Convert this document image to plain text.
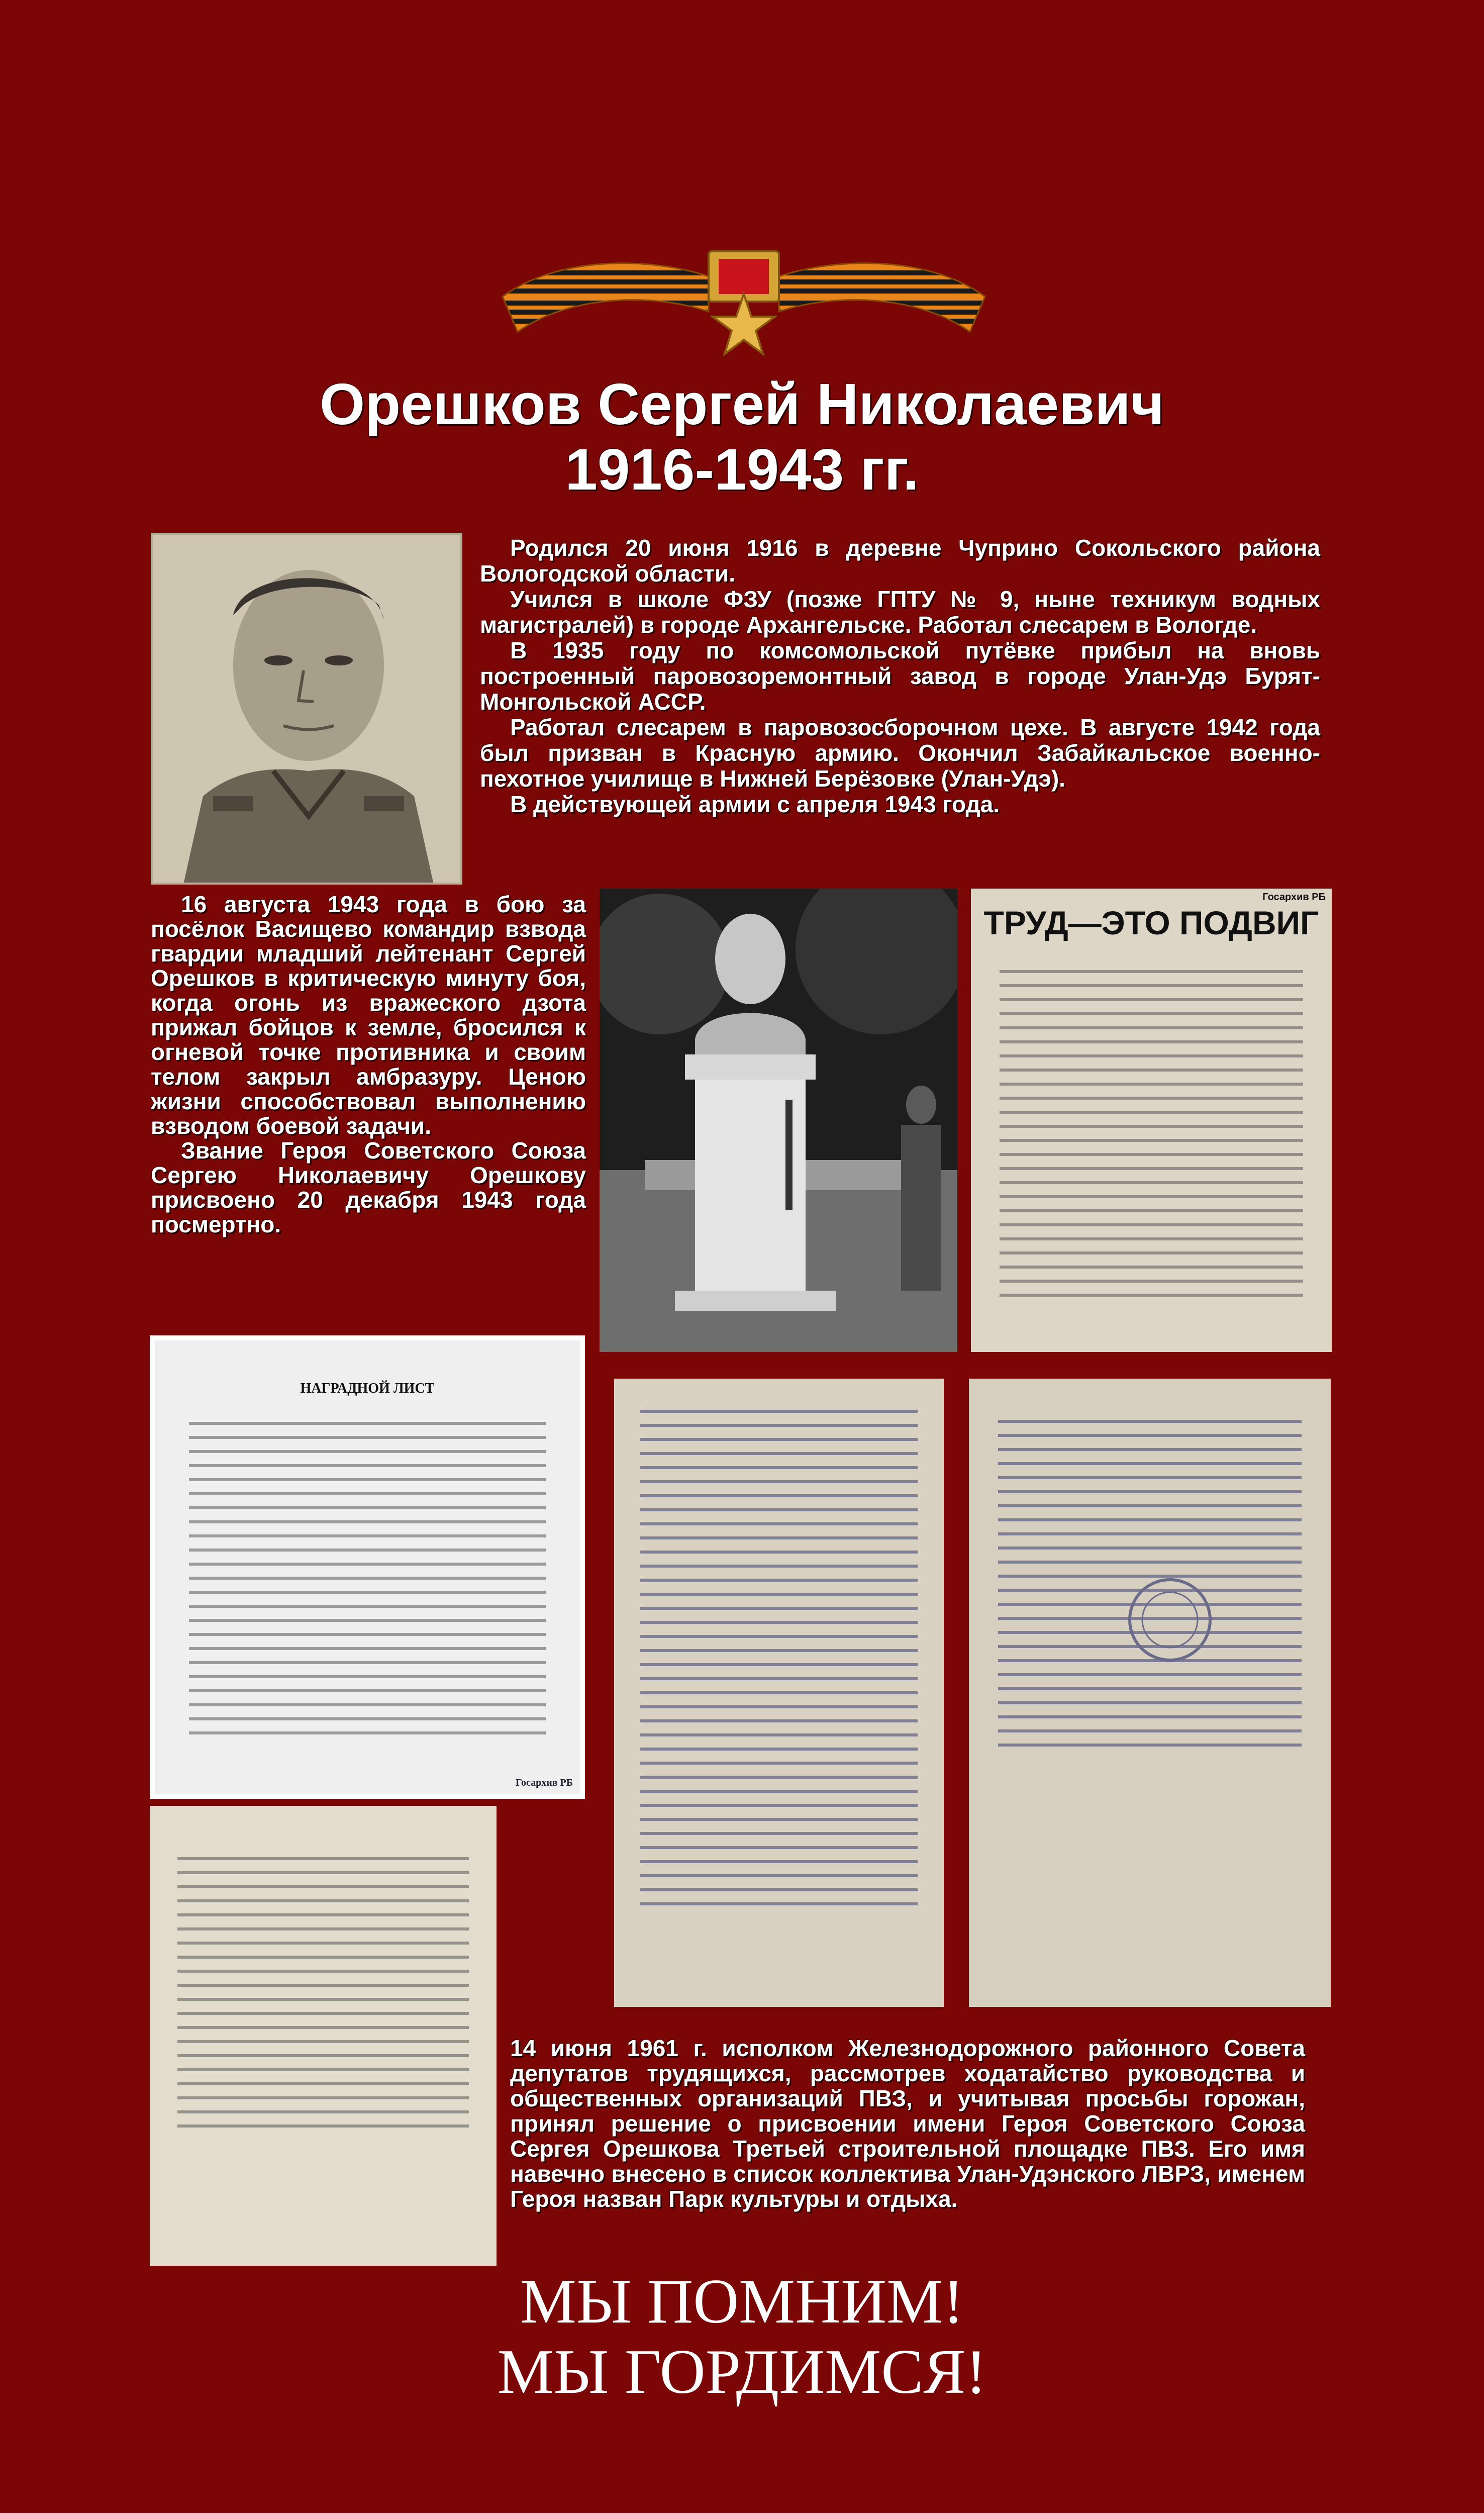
Орешков Сергей Николаевич
1916-1943 гг.
Родился 20 июня 1916 в деревне Чуприно Сокольского района Вологодской области.
Учился в школе ФЗУ (позже ГПТУ № 9, ныне техникум водных магистралей) в городе Архангельске. Работал слесарем в Вологде.
В 1935 году по комсомольской путёвке прибыл на вновь построенный паровозоремонтный завод в городе Улан-Удэ Бурят-Монгольской АССР.
Работал слесарем в паровозосборочном цехе. В августе 1942 года был призван в Красную армию. Окончил Забайкальское военно-пехотное училище в Нижней Берёзовке (Улан-Удэ).
В действующей армии с апреля 1943 года.
16 августа 1943 года в бою за посёлок Васищево командир взвода гвардии младший лейтенант Сергей Орешков в критическую минуту боя, когда огонь из вражеского дзота прижал бойцов к земле, бросился к огневой точке противника и своим телом закрыл амбразуру. Ценою жизни способствовал выполнению взводом боевой задачи.
Звание Героя Советского Союза Сергею Николаевичу Орешкову присвоено 20 декабря 1943 года посмертно.
Госархив РБ
ТРУД—ЭТО ПОДВИГ
НАГРАДНОЙ ЛИСТ
Госархив РБ
14 июня 1961 г. исполком Железнодорожного районного Совета депутатов трудящихся, рассмотрев ходатайство руководства и общественных организаций ПВЗ, и учитывая просьбы горожан, принял решение о присвоении имени Героя Советского Союза Сергея Орешкова Третьей строительной площадке ПВЗ. Его имя навечно внесено в список коллектива Улан-Удэнского ЛВРЗ, именем Героя назван Парк культуры и отдыха.
МЫ ПОМНИМ!
МЫ ГОРДИМСЯ!
